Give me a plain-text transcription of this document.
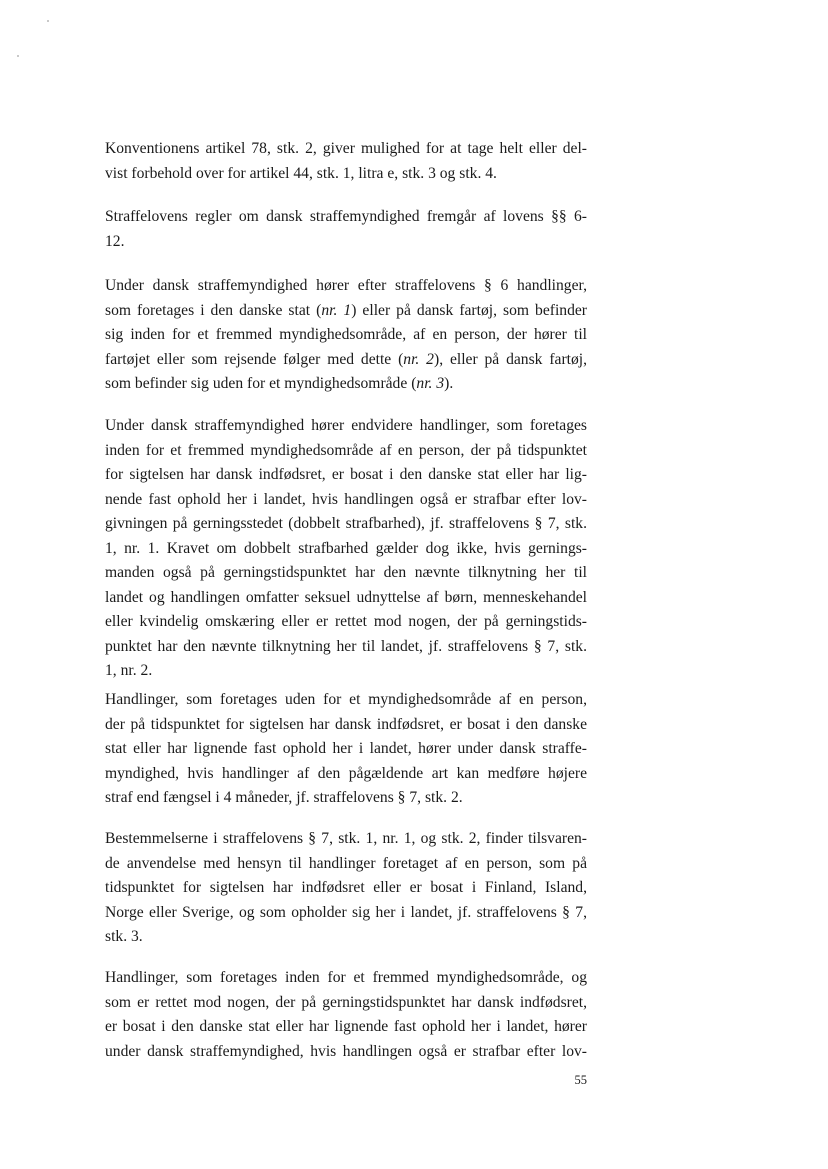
Konventionens artikel 78, stk. 2, giver mulighed for at tage helt eller del-
vist forbehold over for artikel 44, stk. 1, litra e, stk. 3 og stk. 4.
Straffelovens regler om dansk straffemyndighed fremgår af lovens §§ 6-
12.
Under dansk straffemyndighed hører efter straffelovens § 6 handlinger,
som foretages i den danske stat (nr. 1) eller på dansk fartøj, som befinder
sig inden for et fremmed myndighedsområde, af en person, der hører til
fartøjet eller som rejsende følger med dette (nr. 2), eller på dansk fartøj,
som befinder sig uden for et myndighedsområde (nr. 3).
Under dansk straffemyndighed hører endvidere handlinger, som foretages
inden for et fremmed myndighedsområde af en person, der på tidspunktet
for sigtelsen har dansk indfødsret, er bosat i den danske stat eller har lig-
nende fast ophold her i landet, hvis handlingen også er strafbar efter lov-
givningen på gerningsstedet (dobbelt strafbarhed), jf. straffelovens § 7, stk.
1, nr. 1. Kravet om dobbelt strafbarhed gælder dog ikke, hvis gernings-
manden også på gerningstidspunktet har den nævnte tilknytning her til
landet og handlingen omfatter seksuel udnyttelse af børn, menneskehandel
eller kvindelig omskæring eller er rettet mod nogen, der på gerningstids-
punktet har den nævnte tilknytning her til landet, jf. straffelovens § 7, stk.
1, nr. 2.
Handlinger, som foretages uden for et myndighedsområde af en person,
der på tidspunktet for sigtelsen har dansk indfødsret, er bosat i den danske
stat eller har lignende fast ophold her i landet, hører under dansk straffe-
myndighed, hvis handlinger af den pågældende art kan medføre højere
straf end fængsel i 4 måneder, jf. straffelovens § 7, stk. 2.
Bestemmelserne i straffelovens § 7, stk. 1, nr. 1, og stk. 2, finder tilsvaren-
de anvendelse med hensyn til handlinger foretaget af en person, som på
tidspunktet for sigtelsen har indfødsret eller er bosat i Finland, Island,
Norge eller Sverige, og som opholder sig her i landet, jf. straffelovens § 7,
stk. 3.
Handlinger, som foretages inden for et fremmed myndighedsområde, og
som er rettet mod nogen, der på gerningstidspunktet har dansk indfødsret,
er bosat i den danske stat eller har lignende fast ophold her i landet, hører
under dansk straffemyndighed, hvis handlingen også er strafbar efter lov-
55
